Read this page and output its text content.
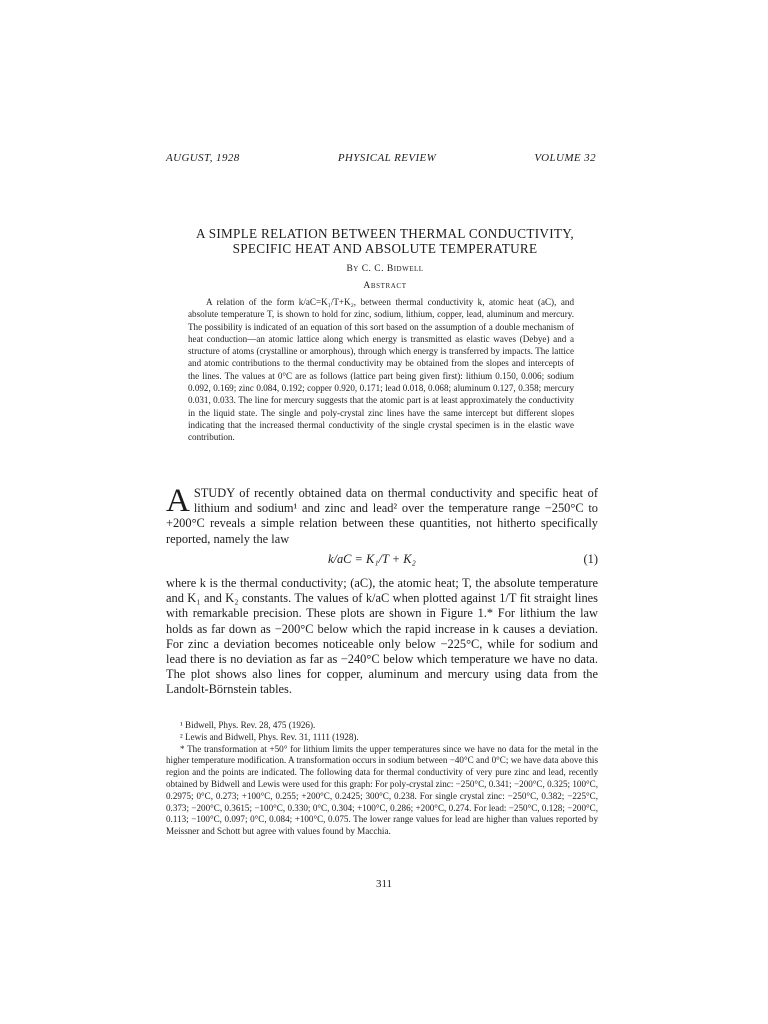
AUGUST, 1928	PHYSICAL REVIEW	VOLUME 32
A SIMPLE RELATION BETWEEN THERMAL CONDUCTIVITY,
SPECIFIC HEAT AND ABSOLUTE TEMPERATURE
By C. C. Bidwell
Abstract

A relation of the form k/aC=K₁/T+K₂, between thermal conductivity k, atomic heat (aC), and absolute temperature T, is shown to hold for zinc, sodium, lithium, copper, lead, aluminum and mercury. The possibility is indicated of an equation of this sort based on the assumption of a double mechanism of heat conduction—an atomic lattice along which energy is transmitted as elastic waves (Debye) and a structure of atoms (crystalline or amorphous), through which energy is transferred by impacts. The lattice and atomic contributions to the thermal conductivity may be obtained from the slopes and intercepts of the lines. The values at 0°C are as follows (lattice part being given first): lithium 0.150, 0.006; sodium 0.092, 0.169; zinc 0.084, 0.192; copper 0.920, 0.171; lead 0.018, 0.068; aluminum 0.127, 0.358; mercury 0.031, 0.033. The line for mercury suggests that the atomic part is at least approximately the conductivity in the liquid state. The single and poly-crystal zinc lines have the same intercept but different slopes indicating that the increased thermal conductivity of the single crystal specimen is in the elastic wave contribution.

ASTUDY of recently obtained data on thermal conductivity and specific heat of lithium and sodium¹ and zinc and lead² over the temperature range −250°C to +200°C reveals a simple relation between these quantities, not hitherto specifically reported, namely the law

k/aC = K₁/T + K₂	(1)

where k is the thermal conductivity; (aC), the atomic heat; T, the absolute temperature and K₁ and K₂ constants. The values of k/aC when plotted against 1/T fit straight lines with remarkable precision. These plots are shown in Figure 1.* For lithium the law holds as far down as −200°C below which the rapid increase in k causes a deviation. For zinc a deviation becomes noticeable only below −225°C, while for sodium and lead there is no deviation as far as −240°C below which temperature we have no data. The plot shows also lines for copper, aluminum and mercury using data from the Landolt-Börnstein tables.

¹ Bidwell, Phys. Rev. 28, 475 (1926).

² Lewis and Bidwell, Phys. Rev. 31, 1111 (1928).

* The transformation at +50° for lithium limits the upper temperatures since we have no data for the metal in the higher temperature modification. A transformation occurs in sodium between −40°C and 0°C; we have data above this region and the points are indicated. The following data for thermal conductivity of very pure zinc and lead, recently obtained by Bidwell and Lewis were used for this graph: For poly-crystal zinc: −250°C, 0.341; −200°C, 0.325; 100°C, 0.2975; 0°C, 0.273; +100°C, 0.255; +200°C, 0.2425; 300°C, 0.238. For single crystal zinc: −250°C, 0.382; −225°C, 0.373; −200°C, 0.3615; −100°C, 0.330; 0°C, 0.304; +100°C, 0.286; +200°C, 0.274. For lead: −250°C, 0.128; −200°C, 0.113; −100°C, 0.097; 0°C, 0.084; +100°C, 0.075. The lower range values for lead are higher than values reported by Meissner and Schott but agree with values found by Macchia.

311
